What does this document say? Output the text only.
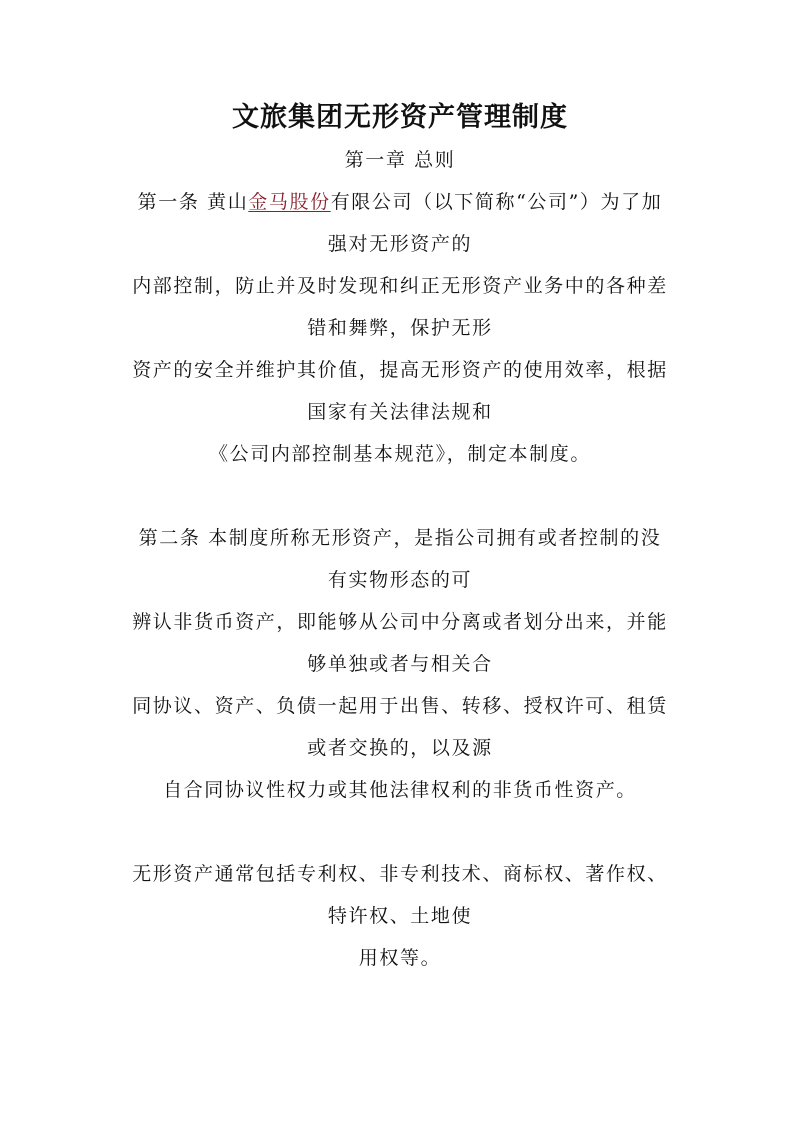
文旅集团无形资产管理制度
第一章 总则
第一条 黄山金马股份有限公司（以下简称“公司”）为了加
强对无形资产的
内部控制，防止并及时发现和纠正无形资产业务中的各种差
错和舞弊，保护无形
资产的安全并维护其价值，提高无形资产的使用效率，根据
国家有关法律法规和
《公司内部控制基本规范》，制定本制度。
第二条 本制度所称无形资产，是指公司拥有或者控制的没
有实物形态的可
辨认非货币资产，即能够从公司中分离或者划分出来，并能
够单独或者与相关合
同协议、资产、负债一起用于出售、转移、授权许可、租赁
或者交换的，以及源
自合同协议性权力或其他法律权利的非货币性资产。
无形资产通常包括专利权、非专利技术、商标权、著作权、
特许权、土地使
用权等。
